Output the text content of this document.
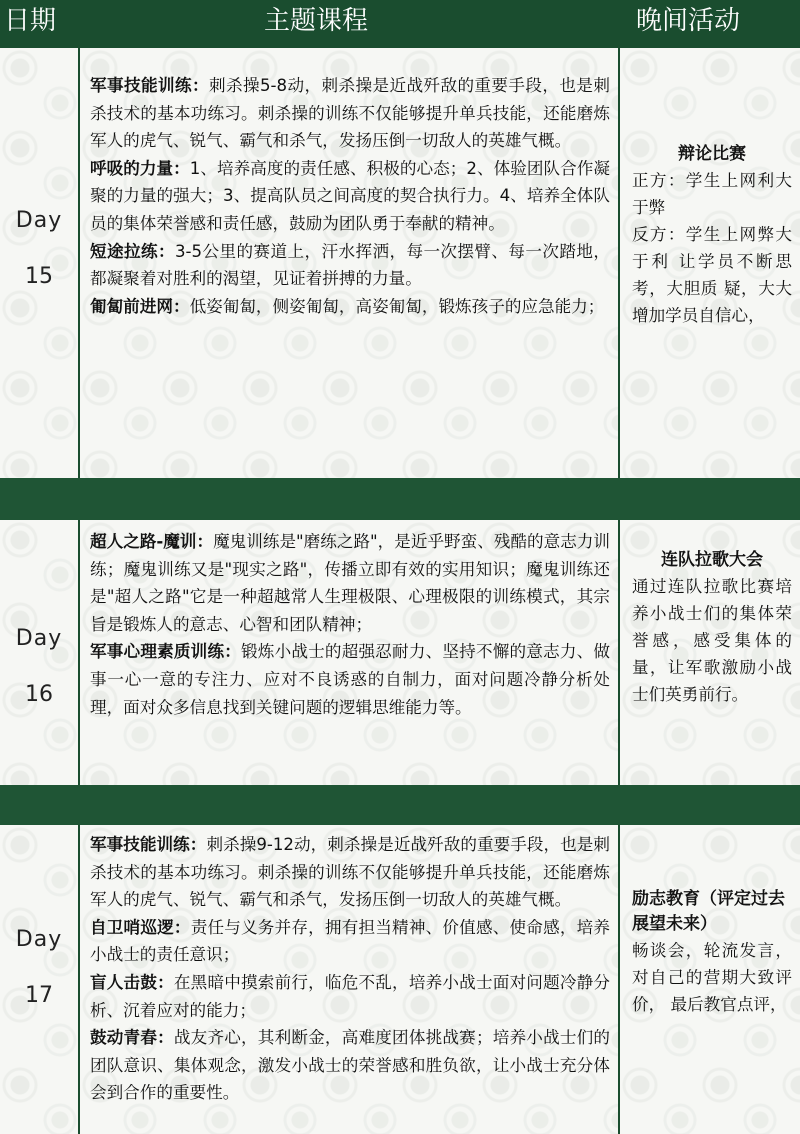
日期	主题课程	晚间活动
Day
15
军事技能训练：刺杀操5-8动，刺杀操是近战歼敌的重要手段，也是刺杀技术的基本功练习。刺杀操的训练不仅能够提升单兵技能，还能磨炼军人的虎气、锐气、霸气和杀气，发扬压倒一切敌人的英雄气概。
呼吸的力量：1、培养高度的责任感、积极的心态；2、体验团队合作凝聚的力量的强大；3、提高队员之间高度的契合执行力。4、培养全体队员的集体荣誉感和责任感，鼓励为团队勇于奉献的精神。
短途拉练：3-5公里的赛道上，汗水挥洒，每一次摆臂、每一次踏地，都凝聚着对胜利的渴望，见证着拼搏的力量。
匍匐前进网：低姿匍匐，侧姿匍匐，高姿匍匐，锻炼孩子的应急能力；
辩论比赛
正方：学生上网利大于弊
反方：学生上网弊大于利 让学员不断思考，大胆质 疑，大大增加学员自信心，
Day
16
超人之路-魔训：魔鬼训练是"磨练之路"，是近乎野蛮、残酷的意志力训练；魔鬼训练又是"现实之路"，传播立即有效的实用知识；魔鬼训练还是"超人之路"它是一种超越常人生理极限、心理极限的训练模式，其宗旨是锻炼人的意志、心智和团队精神；
军事心理素质训练：锻炼小战士的超强忍耐力、坚持不懈的意志力、做事一心一意的专注力、应对不良诱惑的自制力，面对问题冷静分析处理，面对众多信息找到关键问题的逻辑思维能力等。
连队拉歌大会
通过连队拉歌比赛培养小战士们的集体荣誉感，感受集体的量，让军歌激励小战士们英勇前行。
Day
17
军事技能训练：刺杀操9-12动，刺杀操是近战歼敌的重要手段，也是刺杀技术的基本功练习。刺杀操的训练不仅能够提升单兵技能，还能磨炼军人的虎气、锐气、霸气和杀气，发扬压倒一切敌人的英雄气概。
自卫哨巡逻：责任与义务并存，拥有担当精神、价值感、使命感，培养小战士的责任意识；
盲人击鼓：在黑暗中摸索前行，临危不乱，培养小战士面对问题冷静分析、沉着应对的能力；
鼓动青春：战友齐心，其利断金，高难度团体挑战赛；培养小战士们的团队意识、集体观念，激发小战士的荣誉感和胜负欲，让小战士充分体会到合作的重要性。
励志教育（评定过去展望未来）
畅谈会，轮流发言，对自己的营期大致评价， 最后教官点评，
